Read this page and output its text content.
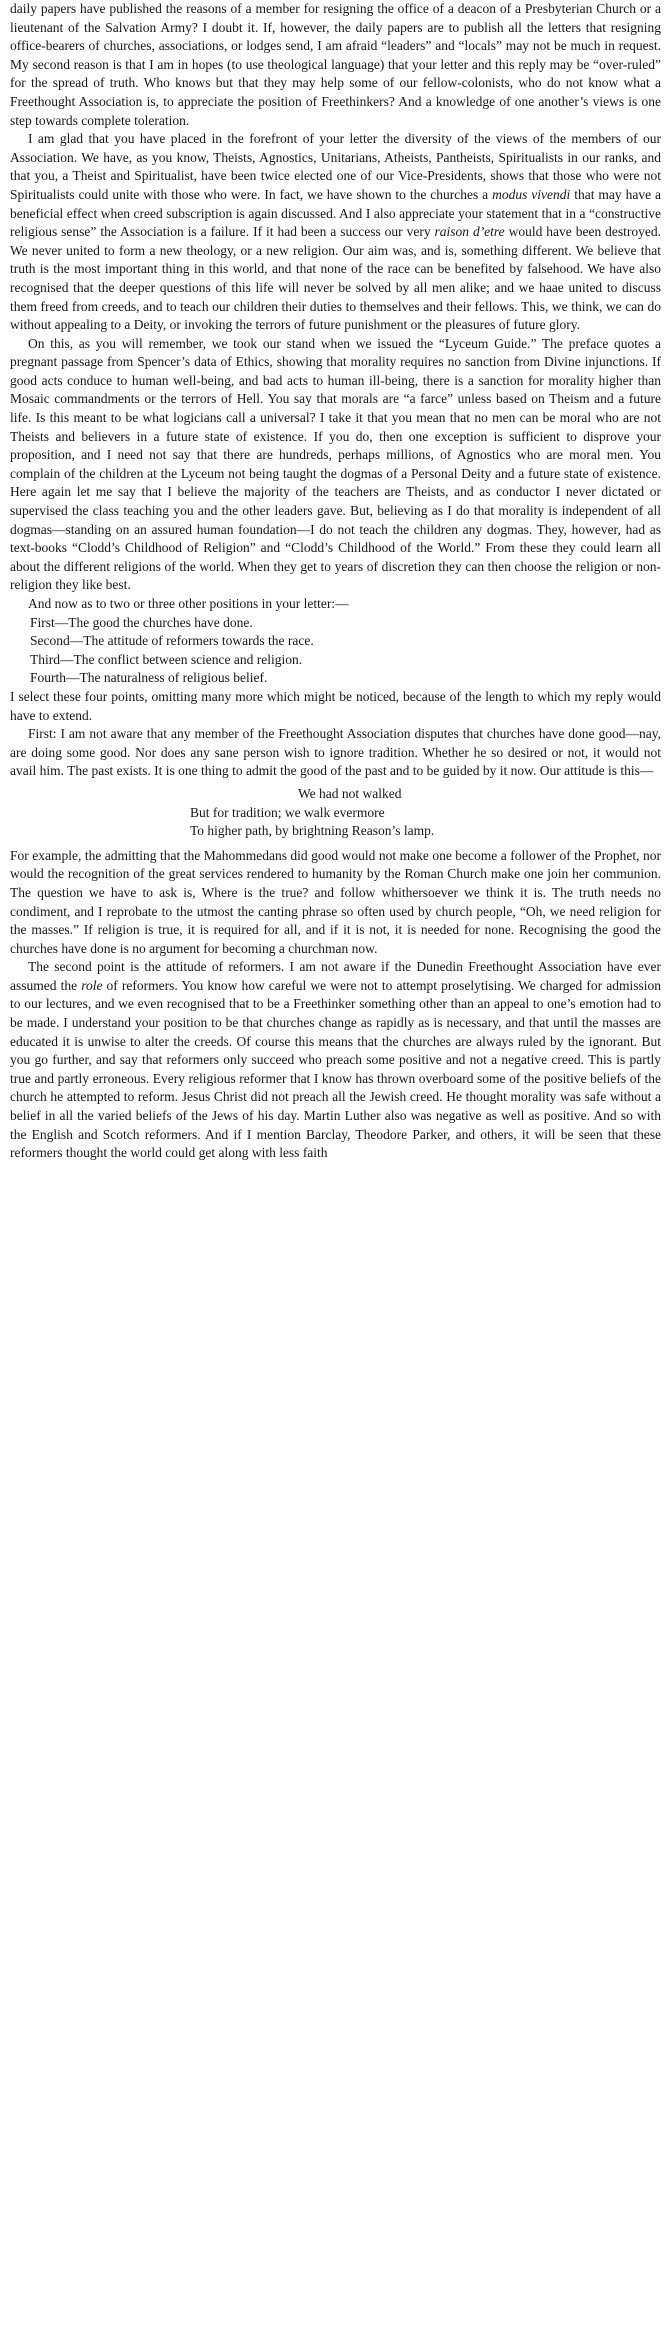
daily papers have published the reasons of a member for resigning the office of a deacon of a Presbyterian Church or a lieutenant of the Salvation Army? I doubt it. If, however, the daily papers are to publish all the letters that resigning office-bearers of churches, associations, or lodges send, I am afraid “leaders” and “locals” may not be much in request. My second reason is that I am in hopes (to use theological language) that your letter and this reply may be “over-ruled” for the spread of truth. Who knows but that they may help some of our fellow-colonists, who do not know what a Freethought Association is, to appreciate the position of Freethinkers? And a knowledge of one another’s views is one step towards complete toleration.

I am glad that you have placed in the forefront of your letter the diversity of the views of the members of our Association. We have, as you know, Theists, Agnostics, Unitarians, Atheists, Pantheists, Spiritualists in our ranks, and that you, a Theist and Spiritualist, have been twice elected one of our Vice-Presidents, shows that those who were not Spiritualists could unite with those who were. In fact, we have shown to the churches a modus vivendi that may have a beneficial effect when creed subscription is again discussed. And I also appreciate your statement that in a “constructive religious sense” the Association is a failure. If it had been a success our very raison d’etre would have been destroyed. We never united to form a new theology, or a new religion. Our aim was, and is, something different. We believe that truth is the most important thing in this world, and that none of the race can be benefited by falsehood. We have also recognised that the deeper questions of this life will never be solved by all men alike; and we haae united to discuss them freed from creeds, and to teach our children their duties to themselves and their fellows. This, we think, we can do without appealing to a Deity, or invoking the terrors of future punishment or the pleasures of future glory.

On this, as you will remember, we took our stand when we issued the “Lyceum Guide.” The preface quotes a pregnant passage from Spencer’s data of Ethics, showing that morality requires no sanction from Divine injunctions. If good acts conduce to human well-being, and bad acts to human ill-being, there is a sanction for morality higher than Mosaic commandments or the terrors of Hell. You say that morals are “a farce” unless based on Theism and a future life. Is this meant to be what logicians call a universal? I take it that you mean that no men can be moral who are not Theists and believers in a future state of existence. If you do, then one exception is sufficient to disprove your proposition, and I need not say that there are hundreds, perhaps millions, of Agnostics who are moral men. You complain of the children at the Lyceum not being taught the dogmas of a Personal Deity and a future state of existence. Here again let me say that I believe the majority of the teachers are Theists, and as conductor I never dictated or supervised the class teaching you and the other leaders gave. But, believing as I do that morality is independent of all dogmas—standing on an assured human foundation—I do not teach the children any dogmas. They, however, had as text-books “Clodd’s Childhood of Religion” and “Clodd’s Childhood of the World.” From these they could learn all about the different religions of the world. When they get to years of discretion they can then choose the religion or non-religion they like best.

And now as to two or three other positions in your letter:—

First—The good the churches have done.

Second—The attitude of reformers towards the race.

Third—The conflict between science and religion.

Fourth—The naturalness of religious belief.

I select these four points, omitting many more which might be noticed, because of the length to which my reply would have to extend.

First: I am not aware that any member of the Freethought Association disputes that churches have done good—nay, are doing some good. Nor does any sane person wish to ignore tradition. Whether he so desired or not, it would not avail him. The past exists. It is one thing to admit the good of the past and to be guided by it now. Our attitude is this—

We had not walked

But for tradition; we walk evermore

To higher path, by brightning Reason’s lamp.

For example, the admitting that the Mahommedans did good would not make one become a follower of the Prophet, nor would the recognition of the great services rendered to humanity by the Roman Church make one join her communion. The question we have to ask is, Where is the true? and follow whithersoever we think it is. The truth needs no condiment, and I reprobate to the utmost the canting phrase so often used by church people, “Oh, we need religion for the masses.” If religion is true, it is required for all, and if it is not, it is needed for none. Recognising the good the churches have done is no argument for becoming a churchman now.

The second point is the attitude of reformers. I am not aware if the Dunedin Freethought Association have ever assumed the role of reformers. You know how careful we were not to attempt proselytising. We charged for admission to our lectures, and we even recognised that to be a Freethinker something other than an appeal to one’s emotion had to be made. I understand your position to be that churches change as rapidly as is necessary, and that until the masses are educated it is unwise to alter the creeds. Of course this means that the churches are always ruled by the ignorant. But you go further, and say that reformers only succeed who preach some positive and not a negative creed. This is partly true and partly erroneous. Every religious reformer that I know has thrown overboard some of the positive beliefs of the church he attempted to reform. Jesus Christ did not preach all the Jewish creed. He thought morality was safe without a belief in all the varied beliefs of the Jews of his day. Martin Luther also was negative as well as positive. And so with the English and Scotch reformers. And if I mention Barclay, Theodore Parker, and others, it will be seen that these reformers thought the world could get along with less faith
